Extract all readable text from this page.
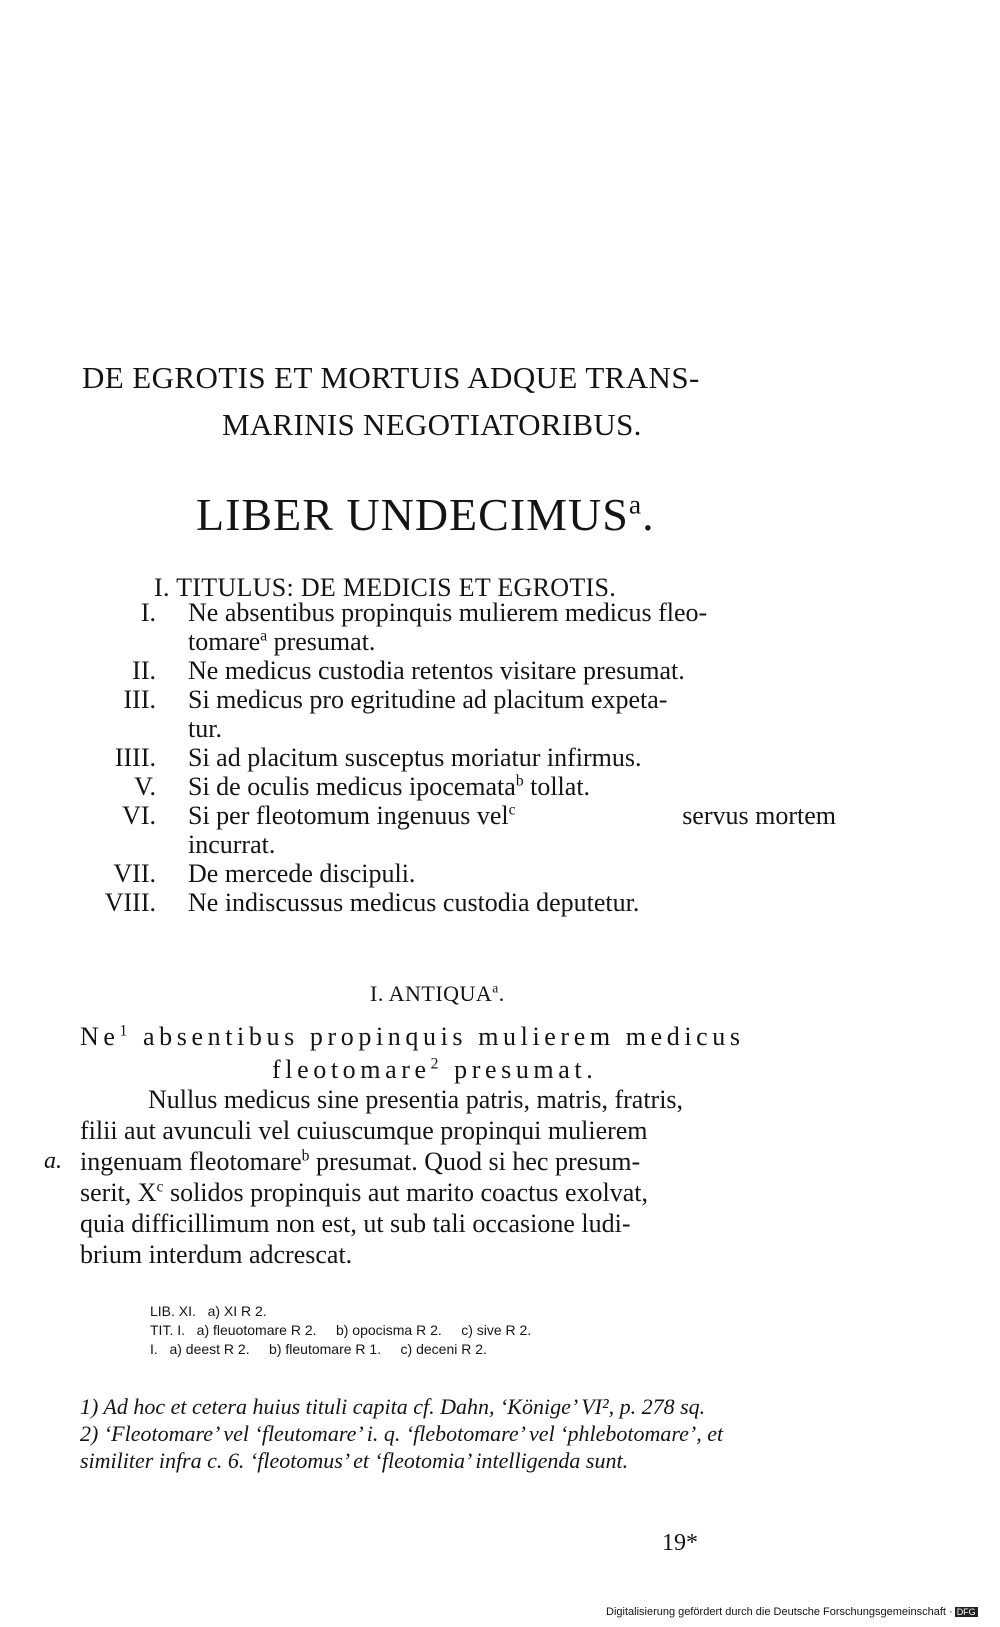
DE EGROTIS ET MORTUIS ADQUE TRANS-
MARINIS NEGOTIATORIBUS.
LIBER UNDECIMUS$^a$.
I. TITULUS: DE MEDICIS ET EGROTIS.
I. Ne absentibus propinquis mulierem medicus fleo-
tomare$^a$ presumat.
II. Ne medicus custodia retentos visitare presumat.
III. Si medicus pro egritudine ad placitum expeta-
tur.
IIII. Si ad placitum susceptus moriatur infirmus.
V. Si de oculis medicus ipocemata$^b$ tollat.
VI. Si per fleotomum ingenuus vel$^c$	servus mortem
incurrat.
VII. De mercede discipuli.
VIII. Ne indiscussus medicus custodia deputetur.
I. ANTIQUA$^a$.
Ne$^1$ absentibus propinquis mulierem medicus
fleotomare$^2$ presumat.
Nullus medicus sine presentia patris, matris, fratris,
filii aut avunculi vel cuiuscumque propinqui mulierem
a. ingenuam fleotomare$^b$ presumat. Quod si hec presum-
serit, $X^c$ solidos propinquis aut marito coactus exolvat,
quia difficillimum non est, ut sub tali occasione ludi-
brium interdum adcrescat.
LIB. XI.   a) XI R 2.
TIT. I.   a) fleuotomare R 2.     b) opocisma R 2.     c) sive R 2.
I.   a) deest R 2.     b) fleutomare R 1.     c) deceni R 2.
1) Ad hoc et cetera huius tituli capita cf. Dahn, ‘Könige’ VI², p. 278 sq.
2) ‘Fleotomare’ vel ‘fleutomare’ i. q. ‘flebotomare’ vel ‘phlebotomare’, et
similiter infra c. 6. ‘fleotomus’ et ‘fleotomia’ intelligenda sunt.
19*
Digitalisierung gefördert durch die Deutsche Forschungsgemeinschaft · DFG
